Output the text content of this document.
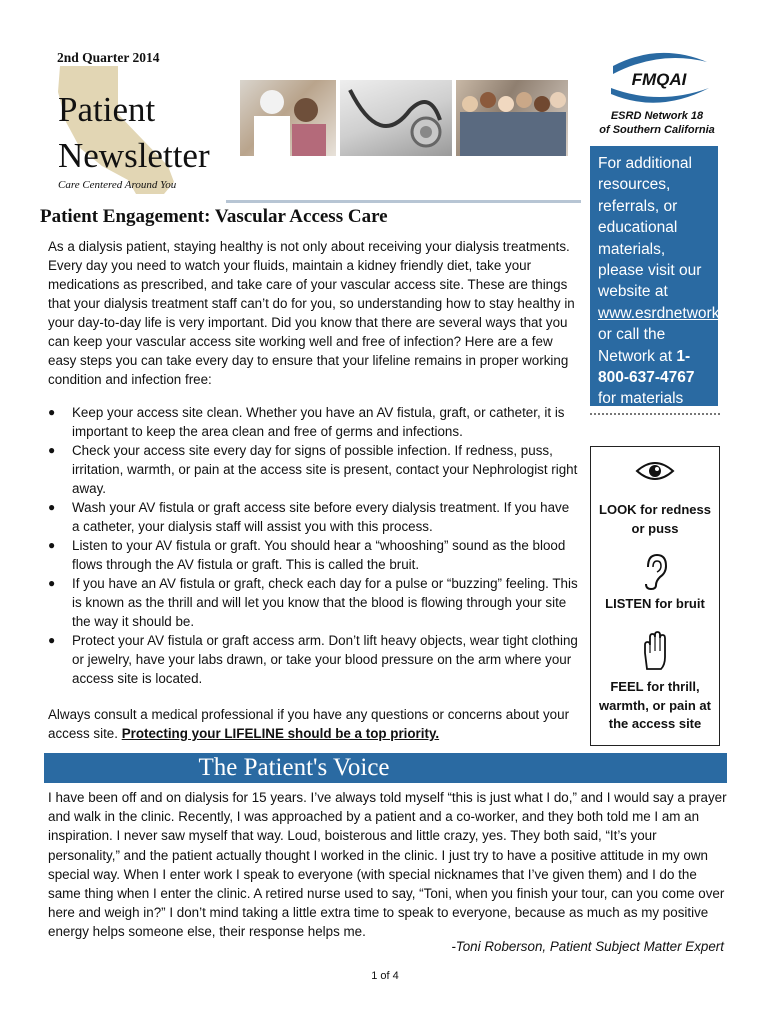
2nd Quarter 2014
Patient
Newsletter
Care Centered Around You
FMQAI
ESRD Network 18
of Southern California
For additional resources, referrals, or educational materials, please visit our website at www.esrdnetwork18.org or call the Network at 1-800-637-4767 for materials sent by mail.
LOOK for redness or puss
LISTEN for bruit
FEEL for thrill, warmth, or pain at the access site
Patient Engagement: Vascular Access Care

As a dialysis patient, staying healthy is not only about receiving your dialysis treatments. Every day you need to watch your fluids, maintain a kidney friendly diet, take your medications as prescribed, and take care of your vascular access site. These are things that your dialysis treatment staff can’t do for you, so understanding how to stay healthy in your day-to-day life is very important. Did you know that there are several ways that you can keep your vascular access site working well and free of infection? Here are a few easy steps you can take every day to ensure that your lifeline remains in proper working condition and infection free:

● Keep your access site clean. Whether you have an AV fistula, graft, or catheter, it is important to keep the area clean and free of germs and infections.
● Check your access site every day for signs of possible infection. If redness, puss, irritation, warmth, or pain at the access site is present, contact your Nephrologist right away.
● Wash your AV fistula or graft access site before every dialysis treatment. If you have a catheter, your dialysis staff will assist you with this process.
● Listen to your AV fistula or graft. You should hear a “whooshing” sound as the blood flows through the AV fistula or graft. This is called the bruit.
● If you have an AV fistula or graft, check each day for a pulse or “buzzing” feeling. This is known as the thrill and will let you know that the blood is flowing through your site the way it should be.
● Protect your AV fistula or graft access arm. Don’t lift heavy objects, wear tight clothing or jewelry, have your labs drawn, or take your blood pressure on the arm where your access site is located.

Always consult a medical professional if you have any questions or concerns about your access site. Protecting your LIFELINE should be a top priority.

The Patient's Voice

I have been off and on dialysis for 15 years. I’ve always told myself “this is just what I do,” and I would say a prayer and walk in the clinic. Recently, I was approached by a patient and a co-worker, and they both told me I am an inspiration. I never saw myself that way. Loud, boisterous and little crazy, yes. They both said, “It’s your personality,” and the patient actually thought I worked in the clinic. I just try to have a positive attitude in my own special way. When I enter work I speak to everyone (with special nicknames that I’ve given them) and I do the same thing when I enter the clinic. A retired nurse used to say, “Toni, when you finish your tour, can you come over here and weigh in?” I don’t mind taking a little extra time to speak to everyone, because as much as my positive energy helps someone else, their response helps me.

-Toni Roberson, Patient Subject Matter Expert
1 of 4
